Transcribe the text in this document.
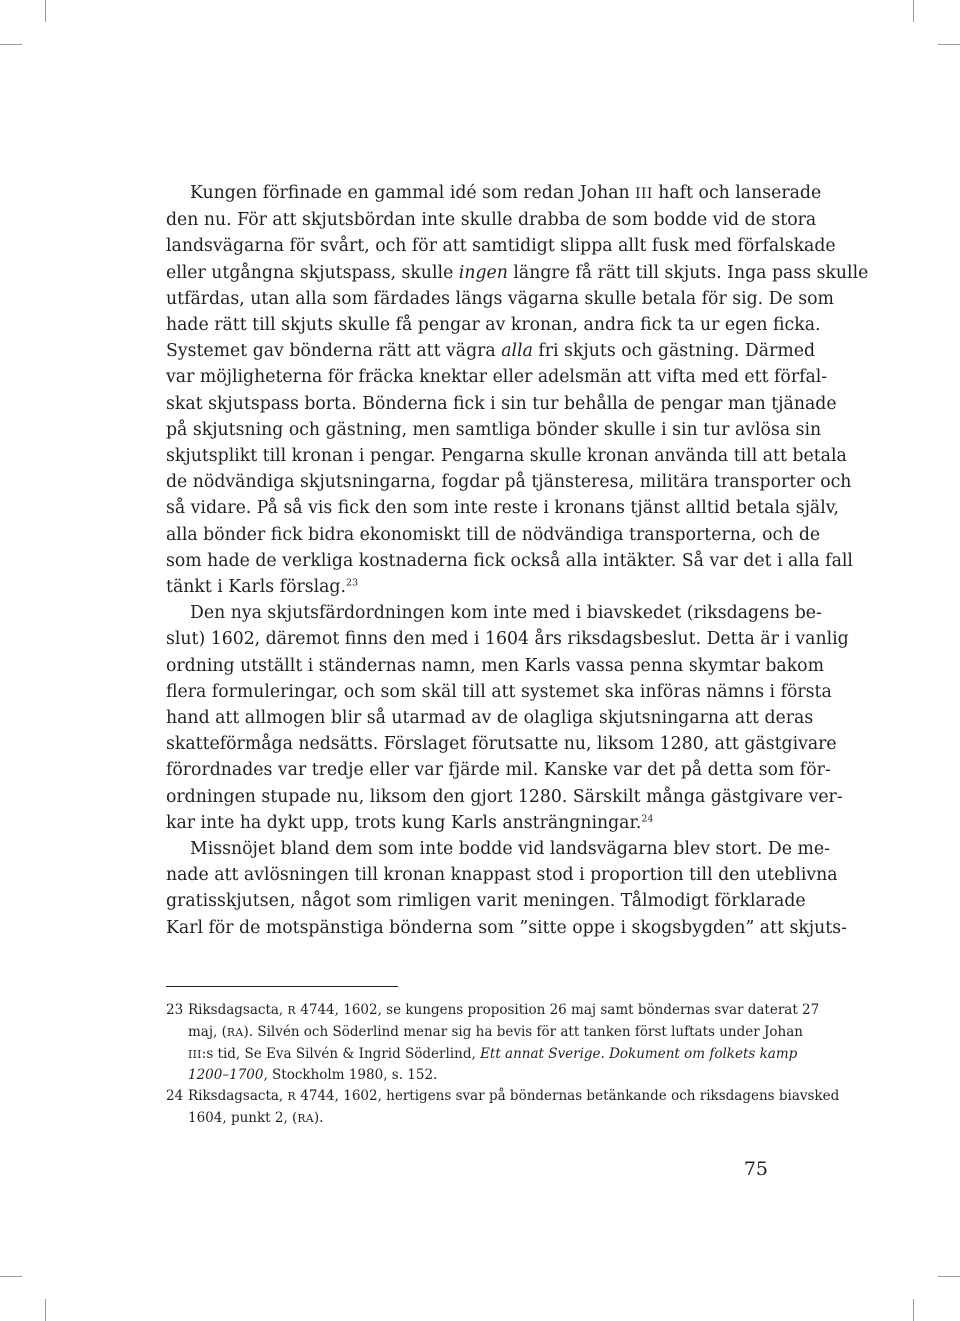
Kungen förfinade en gammal idé som redan Johan III haft och lanserade
den nu. För att skjutsbördan inte skulle drabba de som bodde vid de stora
landsvägarna för svårt, och för att samtidigt slippa allt fusk med förfalskade
eller utgångna skjutspass, skulle ingen längre få rätt till skjuts. Inga pass skulle
utfärdas, utan alla som färdades längs vägarna skulle betala för sig. De som
hade rätt till skjuts skulle få pengar av kronan, andra fick ta ur egen ficka.
Systemet gav bönderna rätt att vägra alla fri skjuts och gästning. Därmed
var möjligheterna för fräcka knektar eller adelsmän att vifta med ett förfal-
skat skjutspass borta. Bönderna fick i sin tur behålla de pengar man tjänade
på skjutsning och gästning, men samtliga bönder skulle i sin tur avlösa sin
skjutsplikt till kronan i pengar. Pengarna skulle kronan använda till att betala
de nödvändiga skjutsningarna, fogdar på tjänsteresa, militära transporter och
så vidare. På så vis fick den som inte reste i kronans tjänst alltid betala själv,
alla bönder fick bidra ekonomiskt till de nödvändiga transporterna, och de
som hade de verkliga kostnaderna fick också alla intäkter. Så var det i alla fall
tänkt i Karls förslag.$^{23}$
Den nya skjutsfärdordningen kom inte med i biavskedet (riksdagens be-
slut) 1602, däremot finns den med i 1604 års riksdagsbeslut. Detta är i vanlig
ordning utställt i ständernas namn, men Karls vassa penna skymtar bakom
flera formuleringar, och som skäl till att systemet ska införas nämns i första
hand att allmogen blir så utarmad av de olagliga skjutsningarna att deras
skatteförmåga nedsätts. Förslaget förutsatte nu, liksom 1280, att gästgivare
förordnades var tredje eller var fjärde mil. Kanske var det på detta som för-
ordningen stupade nu, liksom den gjort 1280. Särskilt många gästgivare ver-
kar inte ha dykt upp, trots kung Karls ansträngningar.$^{24}$
Missnöjet bland dem som inte bodde vid landsvägarna blev stort. De me-
nade att avlösningen till kronan knappast stod i proportion till den uteblivna
gratisskjutsen, något som rimligen varit meningen. Tålmodigt förklarade
Karl för de motspänstiga bönderna som ”sitte oppe i skogsbygden” att skjuts-
23 Riksdagsacta, R 4744, 1602, se kungens proposition 26 maj samt böndernas svar daterat 27
maj, (RA). Silvén och Söderlind menar sig ha bevis för att tanken först luftats under Johan
III:s tid, Se Eva Silvén & Ingrid Söderlind, Ett annat Sverige. Dokument om folkets kamp
1200–1700, Stockholm 1980, s. 152.
24 Riksdagsacta, R 4744, 1602, hertigens svar på böndernas betänkande och riksdagens biavsked
1604, punkt 2, (RA).
75
